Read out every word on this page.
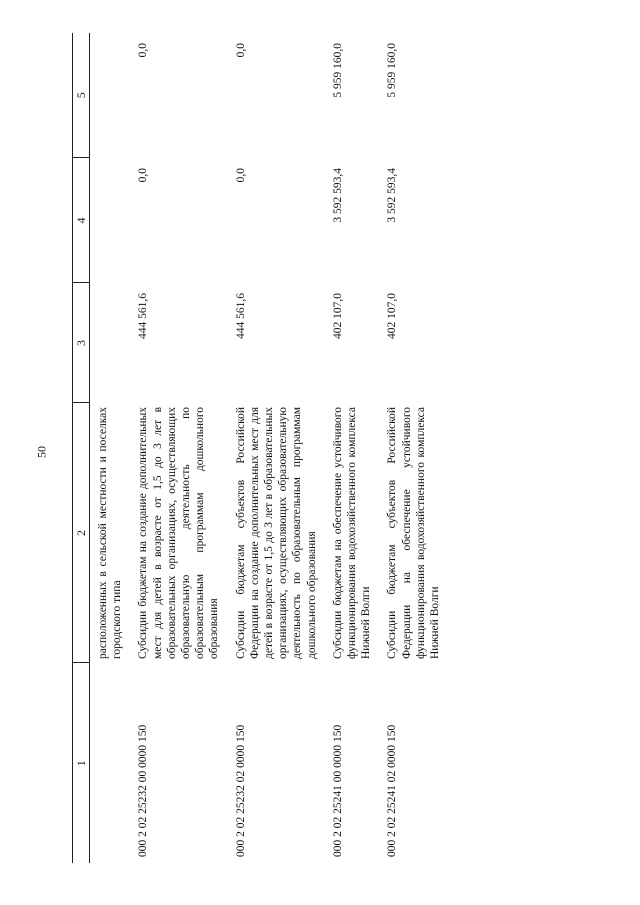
50
1	2	3	4	5
	расположенных в сельской местности и поселках городского типа			
000 2 02 25232 00 0000 150	Субсидии бюджетам на создание дополнительных мест для детей в возрасте от 1,5 до 3 лет в образовательных организациях, осуществляющих образовательную деятельность по образовательным программам дошкольного образования	444 561,6	0,0	0,0
000 2 02 25232 02 0000 150	Субсидии бюджетам субъектов Российской Федерации на создание дополнительных мест для детей в возрасте от 1,5 до 3 лет в образовательных организациях, осуществляющих образовательную деятельность по образовательным программам дошкольного образования	444 561,6	0,0	0,0
000 2 02 25241 00 0000 150	Субсидии бюджетам на обеспечение устойчивого функционирования водохозяйственного комплекса Нижней Волги	402 107,0	3 592 593,4	5 959 160,0
000 2 02 25241 02 0000 150	Субсидии бюджетам субъектов Российской Федерации на обеспечение устойчивого функционирования водохозяйственного комплекса Нижней Волги	402 107,0	3 592 593,4	5 959 160,0
